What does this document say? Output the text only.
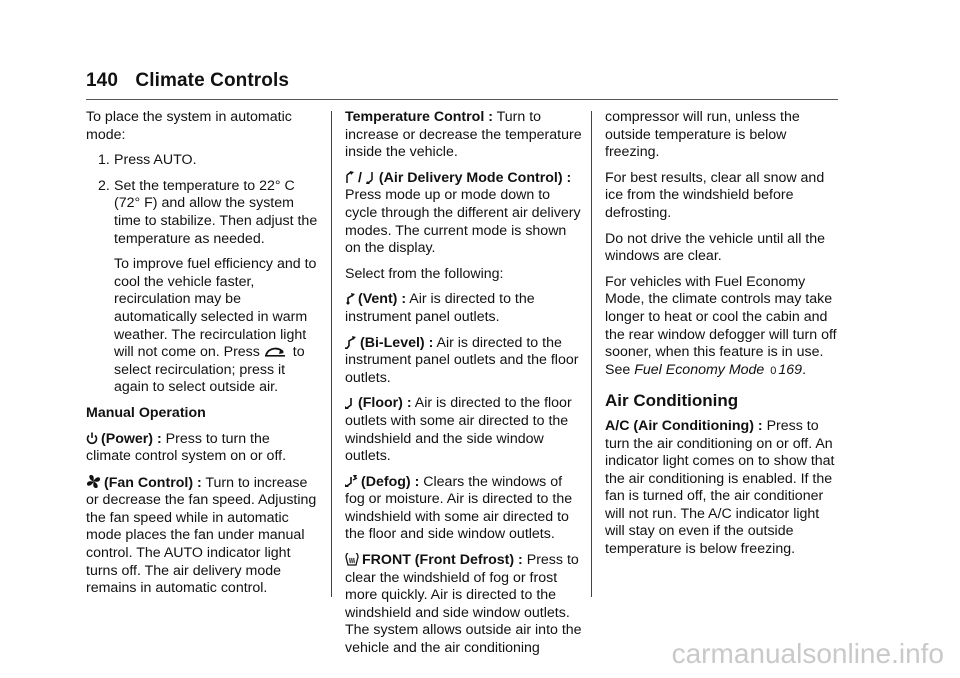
140 Climate Controls

To place the system in automatic mode:

1. Press AUTO.
2. Set the temperature to 22° C (72° F) and allow the system time to stabilize. Then adjust the temperature as needed.

To improve fuel efficiency and to cool the vehicle faster, recirculation may be automatically selected in warm weather. The recirculation light will not come on. Press to select recirculation; press it again to select outside air.

Manual Operation

(Power) : Press to turn the climate control system on or off.

(Fan Control) : Turn to increase or decrease the fan speed. Adjusting the fan speed while in automatic mode places the fan under manual control. The AUTO indicator light turns off. The air delivery mode remains in automatic control.

Temperature Control : Turn to increase or decrease the temperature inside the vehicle.

/ (Air Delivery Mode Control) : Press mode up or mode down to cycle through the different air delivery modes. The current mode is shown on the display.

Select from the following:

(Vent) : Air is directed to the instrument panel outlets.

(Bi-Level) : Air is directed to the instrument panel outlets and the floor outlets.

(Floor) : Air is directed to the floor outlets with some air directed to the windshield and the side window outlets.

(Defog) : Clears the windows of fog or moisture. Air is directed to the windshield with some air directed to the floor and side window outlets.

FRONT (Front Defrost) : Press to clear the windshield of fog or frost more quickly. Air is directed to the windshield and side window outlets. The system allows outside air into the vehicle and the air conditioning

compressor will run, unless the outside temperature is below freezing.

For best results, clear all snow and ice from the windshield before defrosting.

Do not drive the vehicle until all the windows are clear.

For vehicles with Fuel Economy Mode, the climate controls may take longer to heat or cool the cabin and the rear window defogger will turn off sooner, when this feature is in use. See Fuel Economy Mode 0 169.

Air Conditioning

A/C (Air Conditioning) : Press to turn the air conditioning on or off. An indicator light comes on to show that the air conditioning is enabled. If the fan is turned off, the air conditioner will not run. The A/C indicator light will stay on even if the outside temperature is below freezing.

carmanualsonline.info
